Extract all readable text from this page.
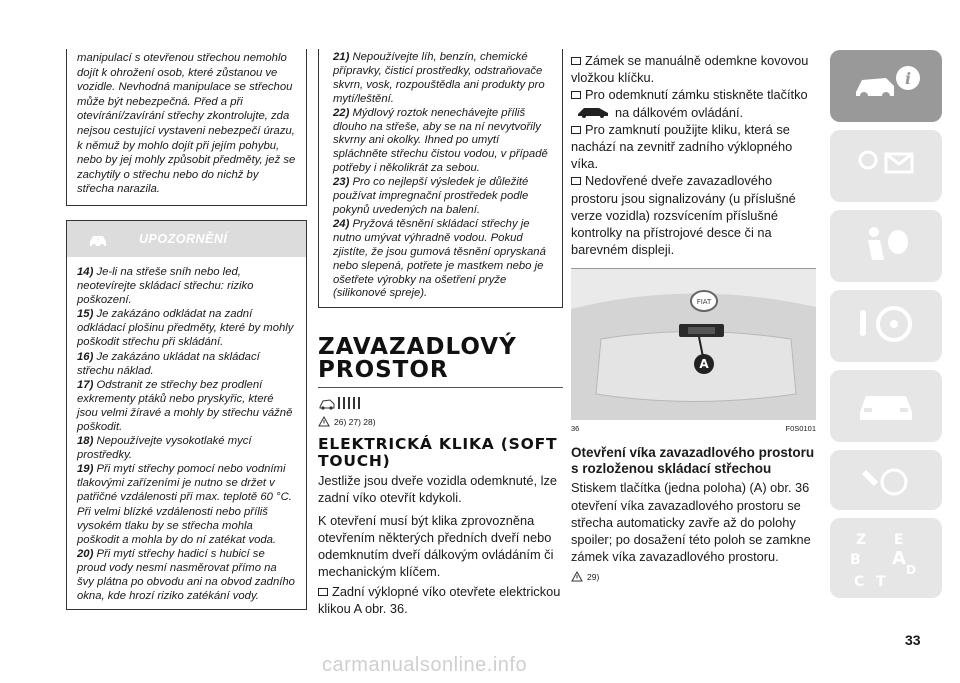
manipulací s otevřenou střechou nemohlo dojít k ohrožení osob, které zůstanou ve vozidle. Nevhodná manipulace se střechou může být nebezpečná. Před a při otevírání/zavírání střechy zkontrolujte, zda nejsou cestující vystaveni nebezpečí úrazu, k němuž by mohlo dojít při jejím pohybu, nebo by jej mohly způsobit předměty, jež se zachytily o střechu nebo do nichž by střecha narazila.

!	UPOZORNĚNÍ

14) Je-li na střeše sníh nebo led, neotevírejte skládací střechu: riziko poškození.

15) Je zakázáno odkládat na zadní odkládací plošinu předměty, které by mohly poškodit střechu při skládání.

16) Je zakázáno ukládat na skládací střechu náklad.

17) Odstranit ze střechy bez prodlení exkrementy ptáků nebo pryskyřic, které jsou velmi žíravé a mohly by střechu vážně poškodit.

18) Nepoužívejte vysokotlaké mycí prostředky.

19) Při mytí střechy pomocí nebo vodními tlakovými zařízeními je nutno se držet v patřičné vzdálenosti při max. teplotě 60 °C. Při velmi blízké vzdálenosti nebo příliš vysokém tlaku by se střecha mohla poškodit a mohla by do ní zatékat voda.

20) Při mytí střechy hadicí s hubicí se proud vody nesmí nasměrovat přímo na švy plátna po obvodu ani na obvod zadního okna, kde hrozí riziko zatékání vody.

21) Nepoužívejte líh, benzín, chemické přípravky, čisticí prostředky, odstraňovače skvrn, vosk, rozpouštědla ani produkty pro mytí/leštění.

22) Mýdlový roztok nenechávejte příliš dlouho na střeše, aby se na ní nevytvořily skvrny ani okolky. Ihned po umytí spláchněte střechu čistou vodou, v případě potřeby i několikrát za sebou.

23) Pro co nejlepší výsledek je důležité používat impregnační prostředek podle pokynů uvedených na balení.

24) Pryžová těsnění skládací střechy je nutno umývat výhradně vodou. Pokud zjistíte, že jsou gumová těsnění opryskaná nebo slepená, potřete je mastkem nebo je ošetřete výrobky na ošetření pryže (silikonové spreje).

ZAVAZADLOVÝ PROSTOR
26) 27) 28)
ELEKTRICKÁ KLIKA (SOFT TOUCH)

Jestliže jsou dveře vozidla odemknuté, lze zadní víko otevřít kdykoli.

K otevření musí být klika zprovozněna otevřením některých předních dveří nebo odemknutím dveří dálkovým ovládáním či mechanickým klíčem.

Zadní výklopné víko otevřete elektrickou klikou A obr. 36.

Zámek se manuálně odemkne kovovou vložkou klíčku.

Pro odemknutí zámku stiskněte tlačítko na dálkovém ovládání.

Pro zamknutí použijte kliku, která se nachází na zevnitř zadního výklopného víka.

Nedovřené dveře zavazadlového prostoru jsou signalizovány (u příslušné verze vozidla) rozsvícením příslušné kontrolky na přístrojové desce či na barevném displeji.

FIAT
A
36	F0S0101
Otevření víka zavazadlového prostoru s rozloženou skládací střechou

Stiskem tlačítka (jedna poloha) (A) obr. 36 otevření víka zavazadlového prostoru se střecha automaticky zavře až do polohy spoiler; po dosažení této poloh se zamkne zámek víka zavazadlového prostoru.

29)
i
Z E
A
B
D
C T
33
carmanualsonline.info
